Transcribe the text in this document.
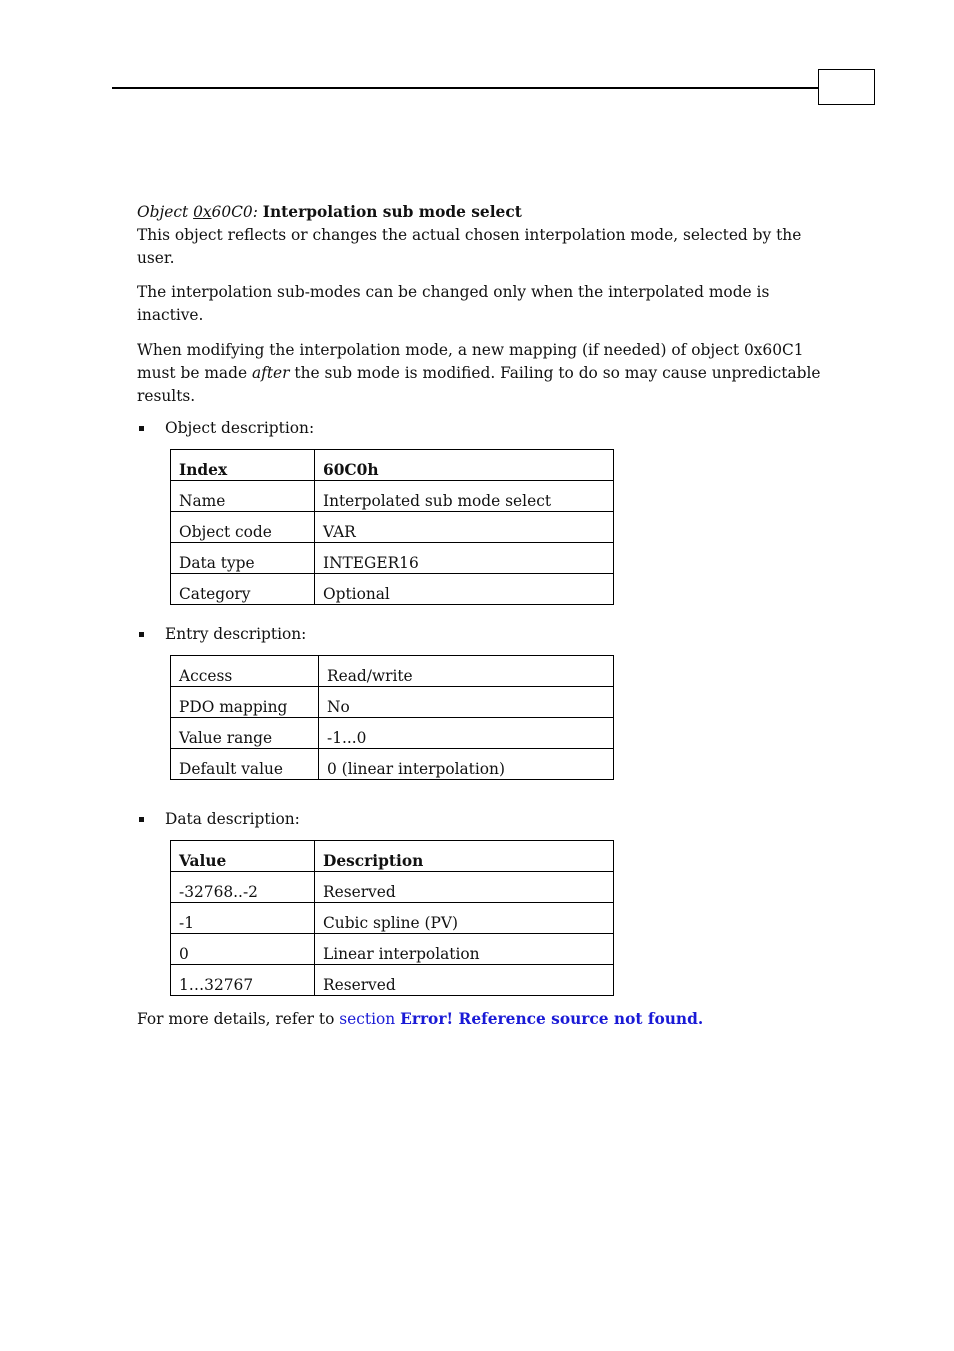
Object 0x60C0: Interpolation sub mode select

This object reflects or changes the actual chosen interpolation mode, selected by the user.

The interpolation sub-modes can be changed only when the interpolated mode is inactive.

When modifying the interpolation mode, a new mapping (if needed) of object 0x60C1 must be made after the sub mode is modified. Failing to do so may cause unpredictable results.

Object description:
Index	60C0h
Name	Interpolated sub mode select
Object code	VAR
Data type	INTEGER16
Category	Optional
Entry description:
Access	Read/write
PDO mapping	No
Value range	-1...0
Default value	0 (linear interpolation)
Data description:
Value	Description
-32768..-2	Reserved
-1	Cubic spline (PV)
0	Linear interpolation
1…32767	Reserved

For more details, refer to section Error! Reference source not found.
